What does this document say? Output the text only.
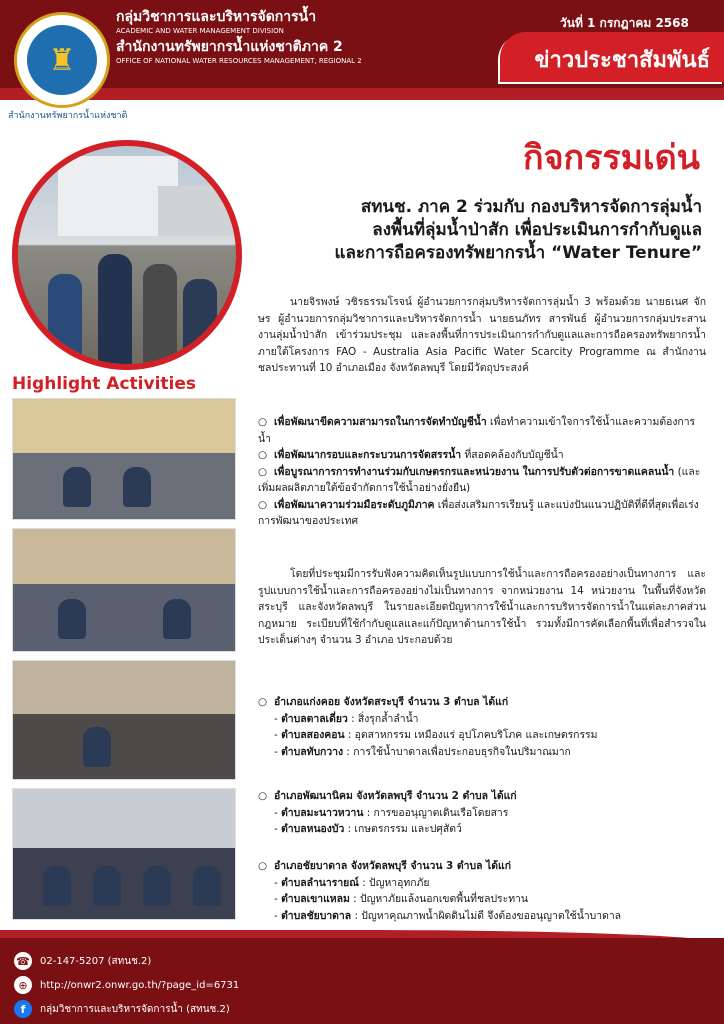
♜
สำนักงานทรัพยากรน้ำแห่งชาติ
กลุ่มวิชาการและบริหารจัดการน้ำ
ACADEMIC AND WATER MANAGEMENT DIVISION
สำนักงานทรัพยากรน้ำแห่งชาติภาค 2
OFFICE OF NATIONAL WATER RESOURCES MANAGEMENT, REGIONAL 2
วันที่ 1 กรกฎาคม 2568
ข่าวประชาสัมพันธ์
กิจกรรมเด่น
สทนช. ภาค 2 ร่วมกับ กองบริหารจัดการลุ่มน้ำ
ลงพื้นที่ลุ่มน้ำป่าสัก เพื่อประเมินการกำกับดูแล
และการถือครองทรัพยากรน้ำ “Water Tenure”
Highlight Activities
นายจิรพงษ์ วชิรธรรมโรจน์ ผู้อำนวยการกลุ่มบริหารจัดการลุ่มน้ำ 3 พร้อมด้วย นายธเนศ จักษร ผู้อำนวยการกลุ่มวิชาการและบริหารจัดการน้ำ นายธนภัทร สารพันธ์ ผู้อำนวยการกลุ่มประสานงานลุ่มน้ำป่าสัก เข้าร่วมประชุม และลงพื้นที่การประเมินการกำกับดูแลและการถือครองทรัพยากรน้ำ ภายใต้โครงการ FAO - Australia Asia Pacific Water Scarcity Programme ณ สำนักงานชลประทานที่ 10 อำเภอเมือง จังหวัดลพบุรี โดยมีวัตถุประสงค์
○ เพื่อพัฒนาขีดความสามารถในการจัดทำบัญชีน้ำ เพื่อทำความเข้าใจการใช้น้ำและความต้องการน้ำ
○ เพื่อพัฒนากรอบและกระบวนการจัดสรรน้ำ ที่สอดคล้องกับบัญชีน้ำ
○ เพื่อบูรณาการการทำงานร่วมกับเกษตรกรและหน่วยงาน ในการปรับตัวต่อการขาดแคลนน้ำ (และเพิ่มผลผลิตภายใต้ข้อจำกัดการใช้น้ำอย่างยั่งยืน)
○ เพื่อพัฒนาความร่วมมือระดับภูมิภาค เพื่อส่งเสริมการเรียนรู้ และแบ่งปันแนวปฏิบัติที่ดีที่สุดเพื่อเร่งการพัฒนาของประเทศ
โดยที่ประชุมมีการรับฟังความคิดเห็นรูปแบบการใช้น้ำและการถือครองอย่างเป็นทางการ และรูปแบบการใช้น้ำและการถือครองอย่างไม่เป็นทางการ จากหน่วยงาน 14 หน่วยงาน ในพื้นที่จังหวัดสระบุรี และจังหวัดลพบุรี ในรายละเอียดปัญหาการใช้น้ำและการบริหารจัดการน้ำในแต่ละภาคส่วน กฎหมาย ระเบียบที่ใช้กำกับดูแลและแก้ปัญหาด้านการใช้น้ำ รวมทั้งมีการคัดเลือกพื้นที่เพื่อสำรวจในประเด็นต่างๆ จำนวน 3 อำเภอ ประกอบด้วย
○ อำเภอแก่งคอย จังหวัดสระบุรี จำนวน 3 ตำบล ได้แก่
- ตำบลตาลเดี่ยว : สิ่งรุกล้ำลำน้ำ
- ตำบลสองคอน : อุตสาหกรรม เหมืองแร่ อุปโภคบริโภค และเกษตรกรรม
- ตำบลทับกวาง : การใช้น้ำบาดาลเพื่อประกอบธุรกิจในปริมาณมาก
○ อำเภอพัฒนานิคม จังหวัดลพบุรี จำนวน 2 ตำบล ได้แก่
- ตำบลมะนาวหวาน : การขออนุญาตเดินเรือโดยสาร
- ตำบลหนองบัว : เกษตรกรรม และปศุสัตว์
○ อำเภอชัยบาดาล จังหวัดลพบุรี จำนวน 3 ตำบล ได้แก่
- ตำบลลำนารายณ์ : ปัญหาอุทกภัย
- ตำบลเขาแหลม : ปัญหาภัยแล้งนอกเขตพื้นที่ชลประทาน
- ตำบลชัยบาดาล : ปัญหาคุณภาพน้ำผิดดินไม่ดี จึงต้องขออนุญาตใช้น้ำบาดาล
☎ 02-147-5207 (สทนช.2)
⊕	http://onwr2.onwr.go.th/?page_id=6731
f	กลุ่มวิชาการและบริหารจัดการน้ำ (สทนช.2)
